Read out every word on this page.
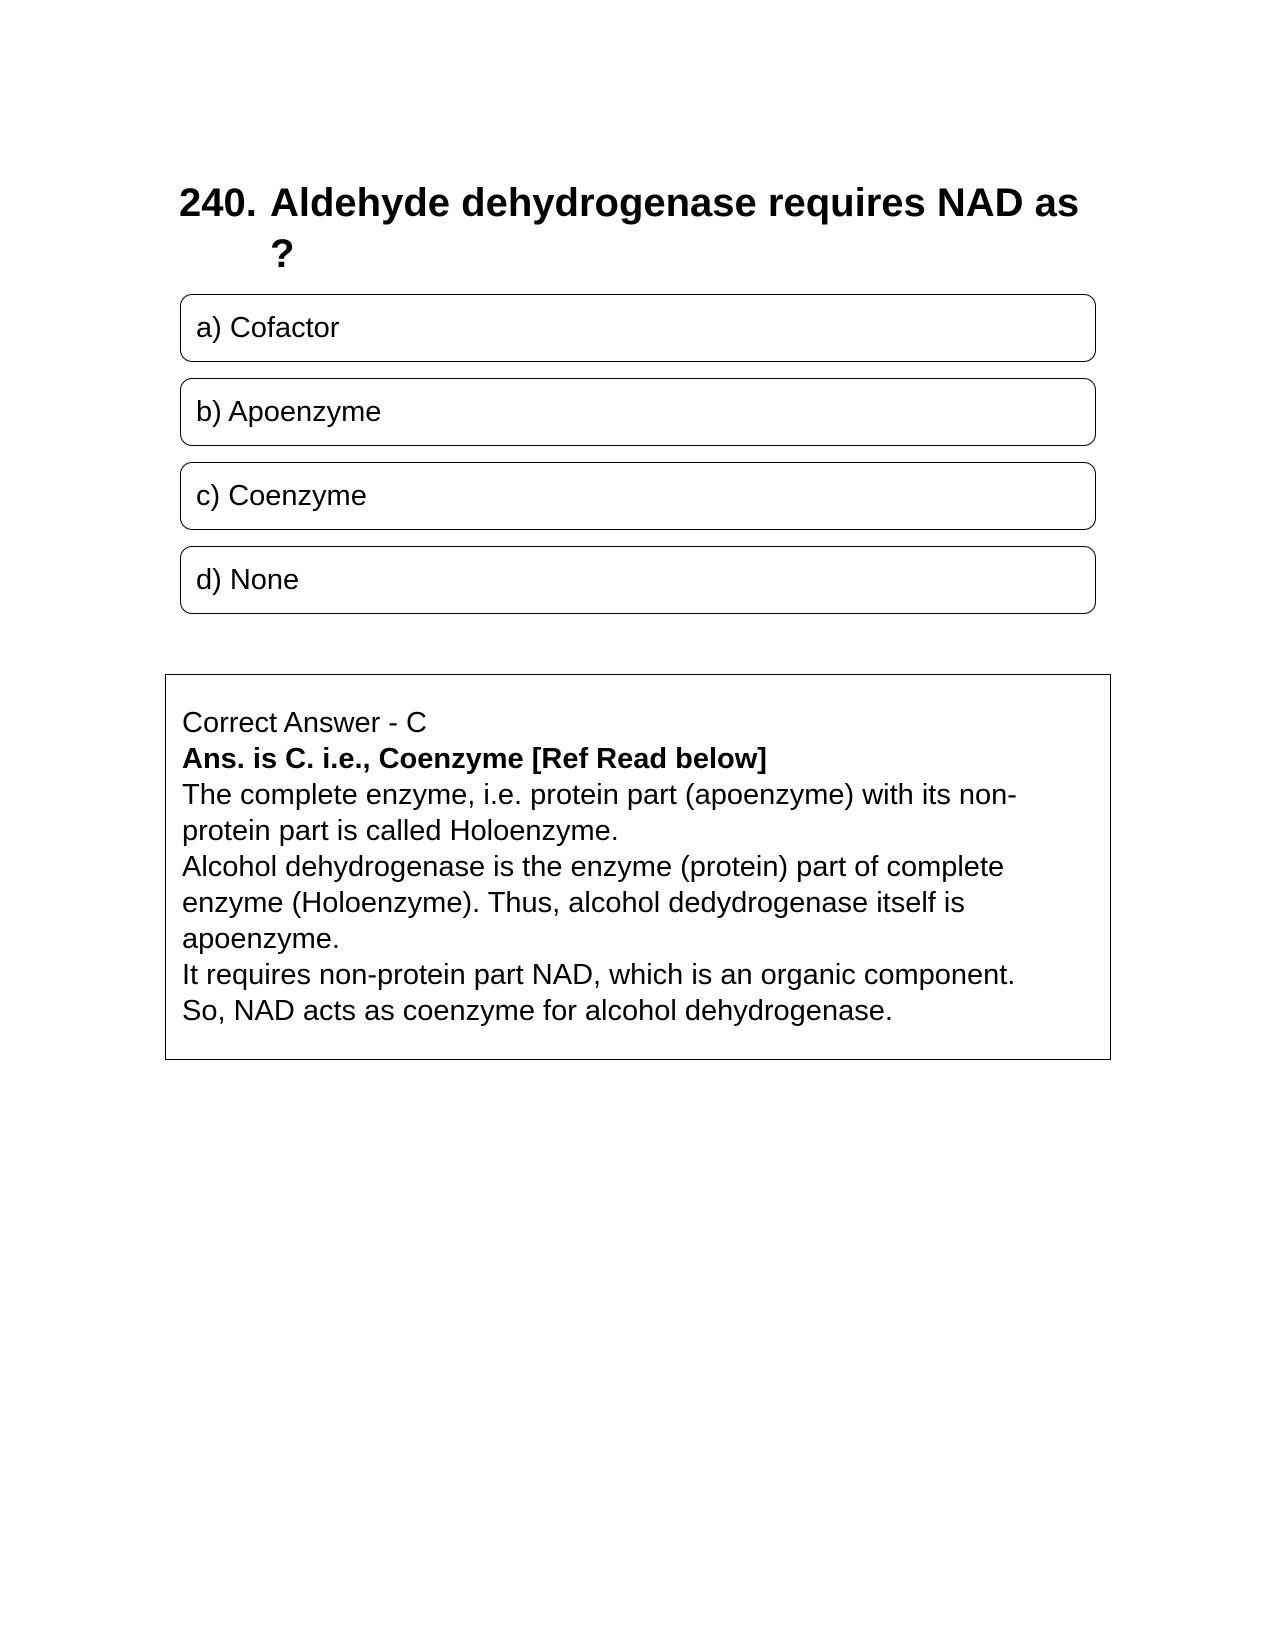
240. Aldehyde dehydrogenase requires NAD as ?
a) Cofactor
b) Apoenzyme
c) Coenzyme
d) None

Correct Answer - C

Ans. is C. i.e., Coenzyme [Ref Read below]

The complete enzyme, i.e. protein part (apoenzyme) with its non-protein part is called Holoenzyme.

Alcohol dehydrogenase is the enzyme (protein) part of complete enzyme (Holoenzyme). Thus, alcohol dedydrogenase itself is apoenzyme.

It requires non-protein part NAD, which is an organic component.

So, NAD acts as coenzyme for alcohol dehydrogenase.
